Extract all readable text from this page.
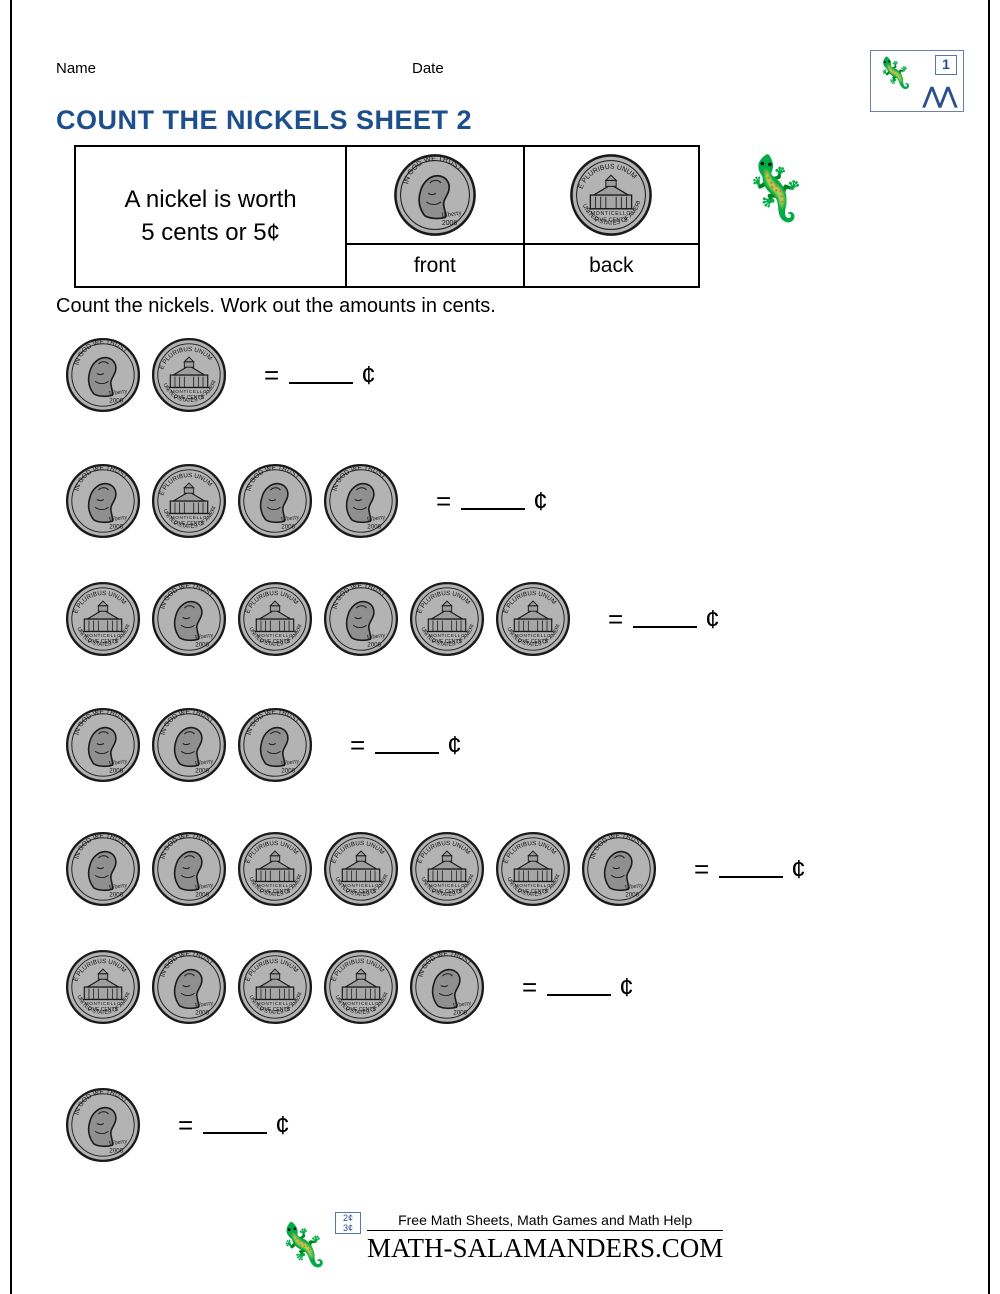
Name	Date
COUNT THE NICKELS SHEET 2
🦎	1
⋀⋀
A nickel is worth
5 cents or 5¢
front	back
🦎
Count the nickels. Work out the amounts in cents.
=	¢
=	¢
=	¢
=	¢
=	¢
=	¢
=	¢
🦎
2¢
3¢	Free Math Sheets, Math Games and Math Help
MATH-SALAMANDERS.COM
